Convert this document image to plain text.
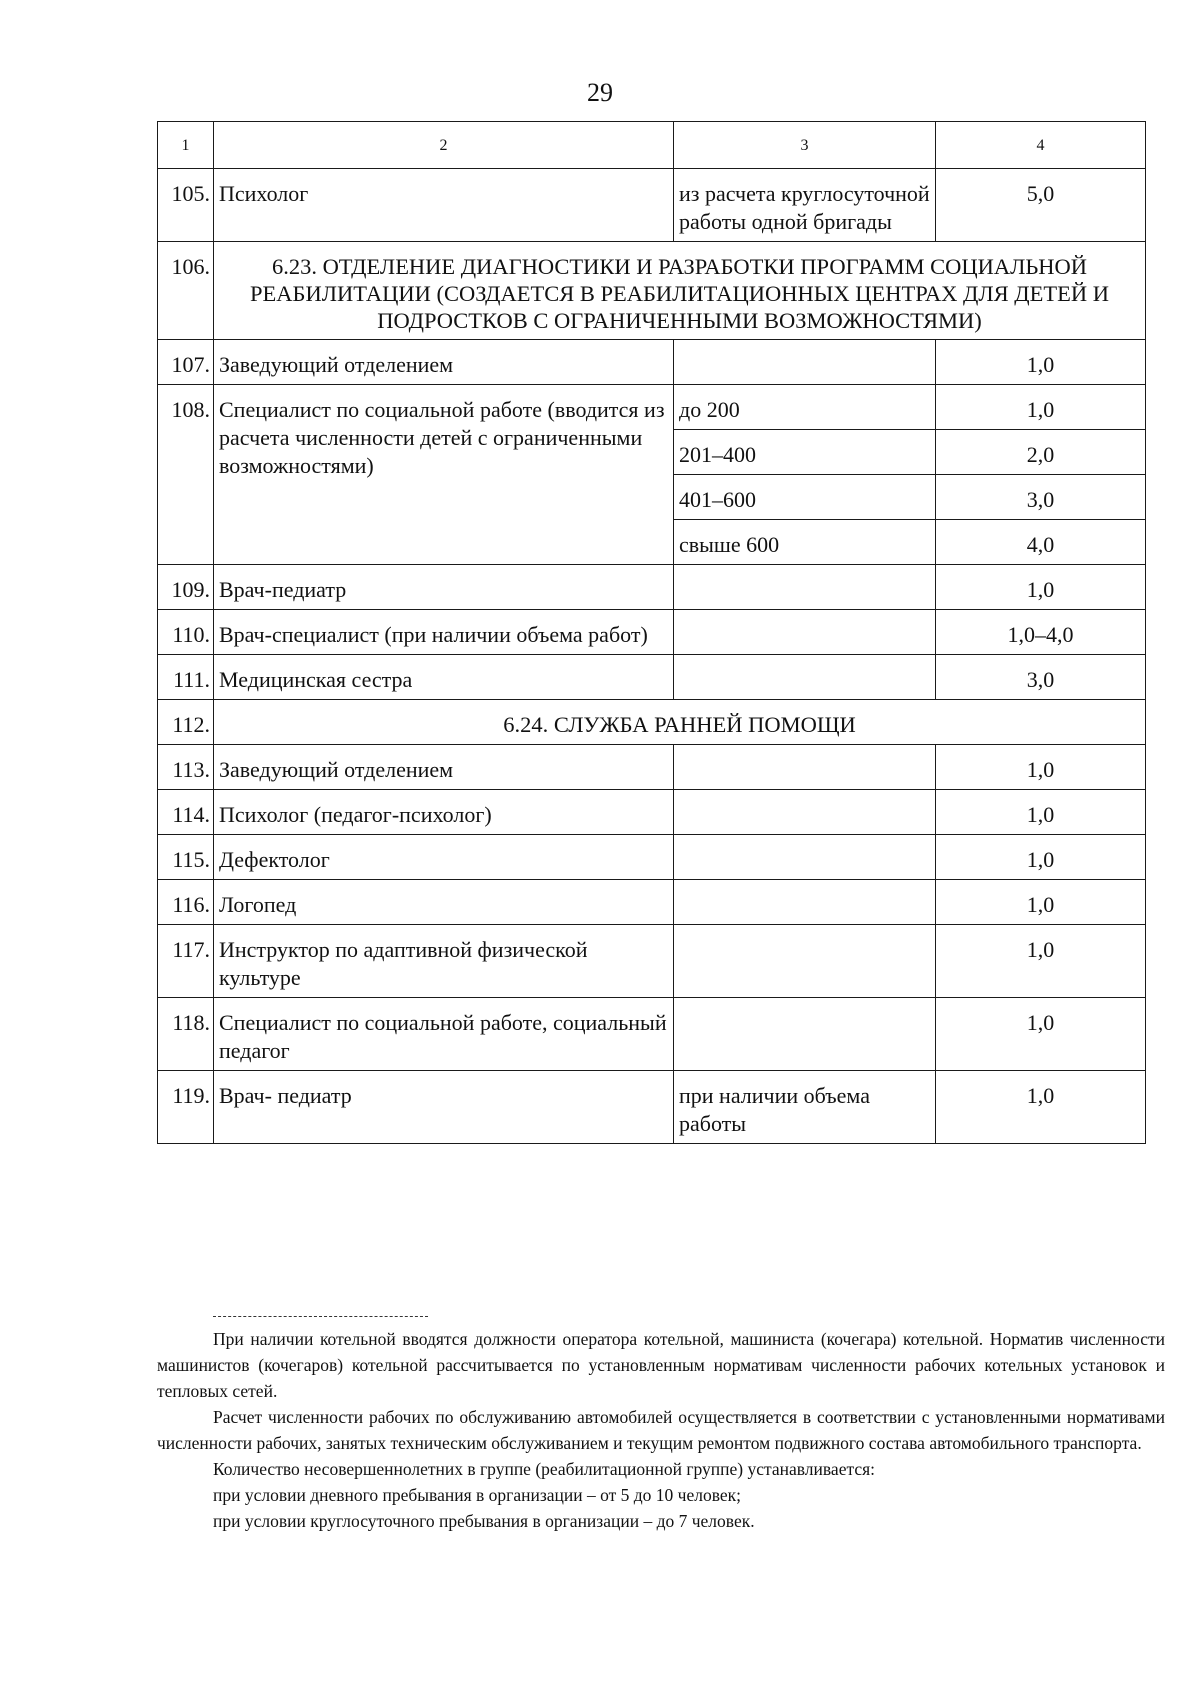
29
1	2	3	4
105.	Психолог	из расчета круглосуточной работы одной бригады	5,0
106.	6.23. ОТДЕЛЕНИЕ ДИАГНОСТИКИ И РАЗРАБОТКИ ПРОГРАММ СОЦИАЛЬНОЙ РЕАБИЛИТАЦИИ (СОЗДАЕТСЯ В РЕАБИЛИТАЦИОННЫХ ЦЕНТРАХ ДЛЯ ДЕТЕЙ И ПОДРОСТКОВ С ОГРАНИЧЕННЫМИ ВОЗМОЖНОСТЯМИ)		
107.	Заведующий отделением		1,0
108.	Специалист по социальной работе (вводится из расчета численности детей с ограниченными возможностями)	до 200	1,0
		201–400	2,0
		401–600	3,0
		свыше 600	4,0
109.	Врач-педиатр		1,0
110.	Врач-специалист (при наличии объема работ)		1,0–4,0
111.	Медицинская сестра		3,0
112.	6.24. СЛУЖБА РАННЕЙ ПОМОЩИ		
113.	Заведующий отделением		1,0
114.	Психолог (педагог-психолог)		1,0
115.	Дефектолог		1,0
116.	Логопед		1,0
117.	Инструктор по адаптивной физической культуре		1,0
118.	Специалист по социальной работе, социальный педагог		1,0
119.	Врач- педиатр	при наличии объема работы	1,0

При наличии котельной вводятся должности оператора котельной, машиниста (кочегара) котельной. Норматив численности машинистов (кочегаров) котельной рассчитывается по установленным нормативам численности рабочих котельных установок и тепловых сетей.

Расчет численности рабочих по обслуживанию автомобилей осуществляется в соответствии с установленными нормативами численности рабочих, занятых техническим обслуживанием и текущим ремонтом подвижного состава автомобильного транспорта.

Количество несовершеннолетних в группе (реабилитационной группе) устанавливается:

при условии дневного пребывания в организации – от 5 до 10 человек;

при условии круглосуточного пребывания в организации – до 7 человек.
